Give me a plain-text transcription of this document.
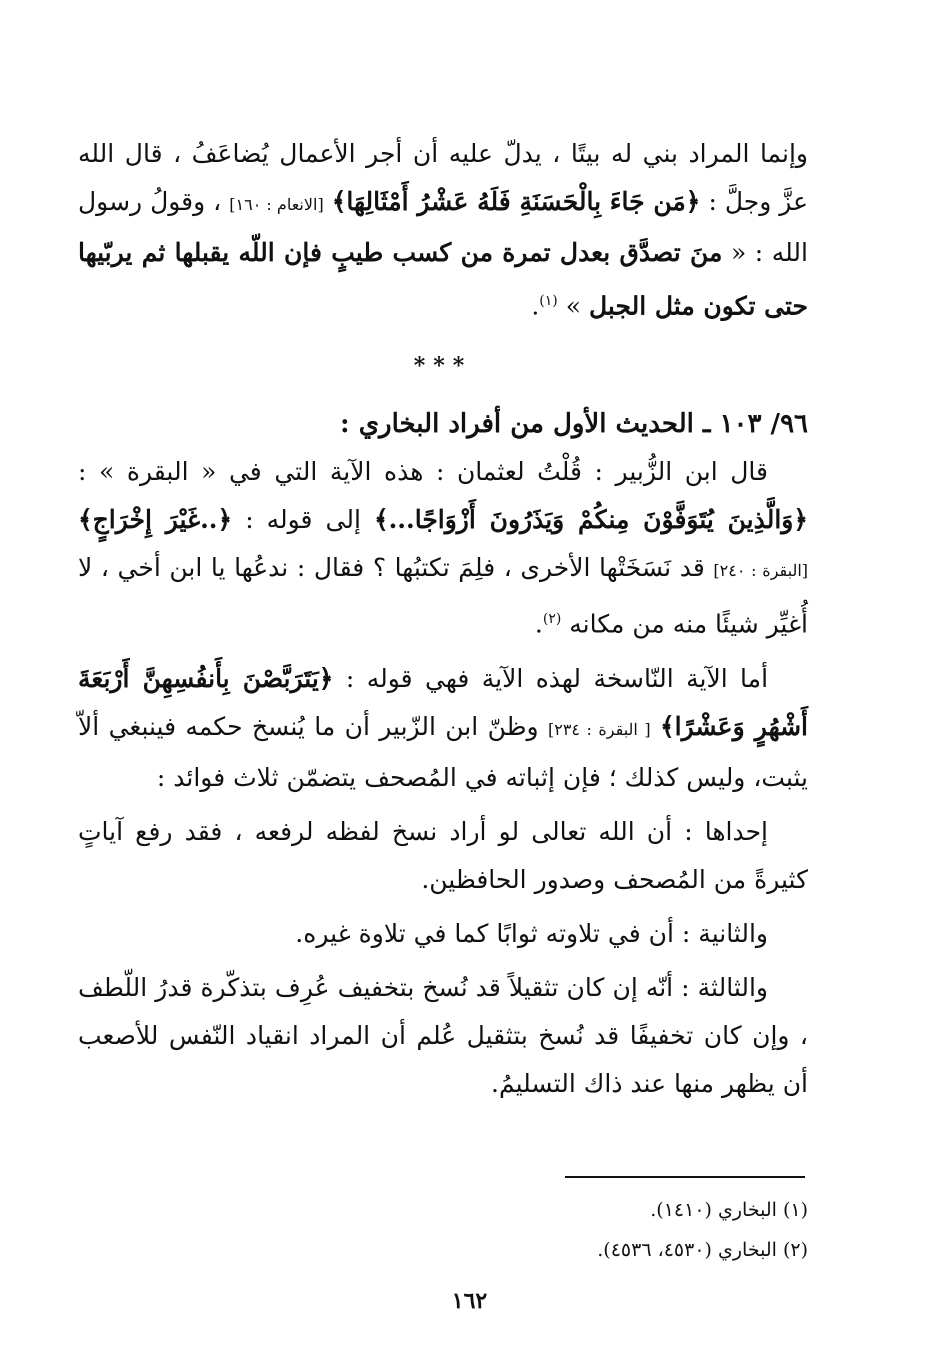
وإنما المراد بني له بيتًا ، يدلّ عليه أن أجر الأعمال يُضاعَفُ ، قال الله عزَّ وجلَّ : ﴿مَن جَاءَ بِالْحَسَنَةِ فَلَهُ عَشْرُ أَمْثَالِهَا﴾ [الانعام : ١٦٠] ، وقولُ رسول الله : « منَ تصدَّق بعدل تمرة من كسب طيبٍ فإن اللّه يقبلها ثم يربّيها حتى تكون مثل الجبل » $^{(١)}$.

***

٩٦/ ١٠٣ ـ الحديث الأول من أفراد البخاري :

قال ابن الزُّبير : قُلْتُ لعثمان : هذه الآية التي في « البقرة » : ﴿وَالَّذِينَ يُتَوَفَّوْنَ مِنكُمْ وَيَذَرُونَ أَزْوَاجًا...﴾ إلى قوله : ﴿..غَيْرَ إِخْرَاجٍ﴾ [البقرة : ٢٤٠] قد نَسَخَتْها الأخرى ، فلِمَ تكتبُها ؟ فقال : ندعُها يا ابن أخي ، لا أُغيِّر شيئًا منه من مكانه $^{(٢)}$.

أما الآية النّاسخة لهذه الآية فهي قوله : ﴿يَتَرَبَّصْنَ بِأَنفُسِهِنَّ أَرْبَعَةَ أَشْهُرٍ وَعَشْرًا﴾ [ البقرة : ٢٣٤] وظنّ ابن الزّبير أن ما يُنسخ حكمه فينبغي ألاّ يثبت، وليس كذلك ؛ فإن إثباته في المُصحف يتضمّن ثلاث فوائد :

إحداها : أن الله تعالى لو أراد نسخ لفظه لرفعه ، فقد رفع آياتٍ كثيرةً من المُصحف وصدور الحافظين.

والثانية : أن في تلاوته ثوابًا كما في تلاوة غيره.

والثالثة : أنّه إن كان تثقيلاً قد نُسخ بتخفيف عُرِف بتذكّرة قدرُ اللّطف ، وإن كان تخفيفًا قد نُسخ بتثقيل عُلم أن المراد انقياد النّفس للأصعب أن يظهر منها عند ذاك التسليمُ.

(١) البخاري (١٤١٠).

(٢) البخاري (٤٥٣٠، ٤٥٣٦).

١٦٢
